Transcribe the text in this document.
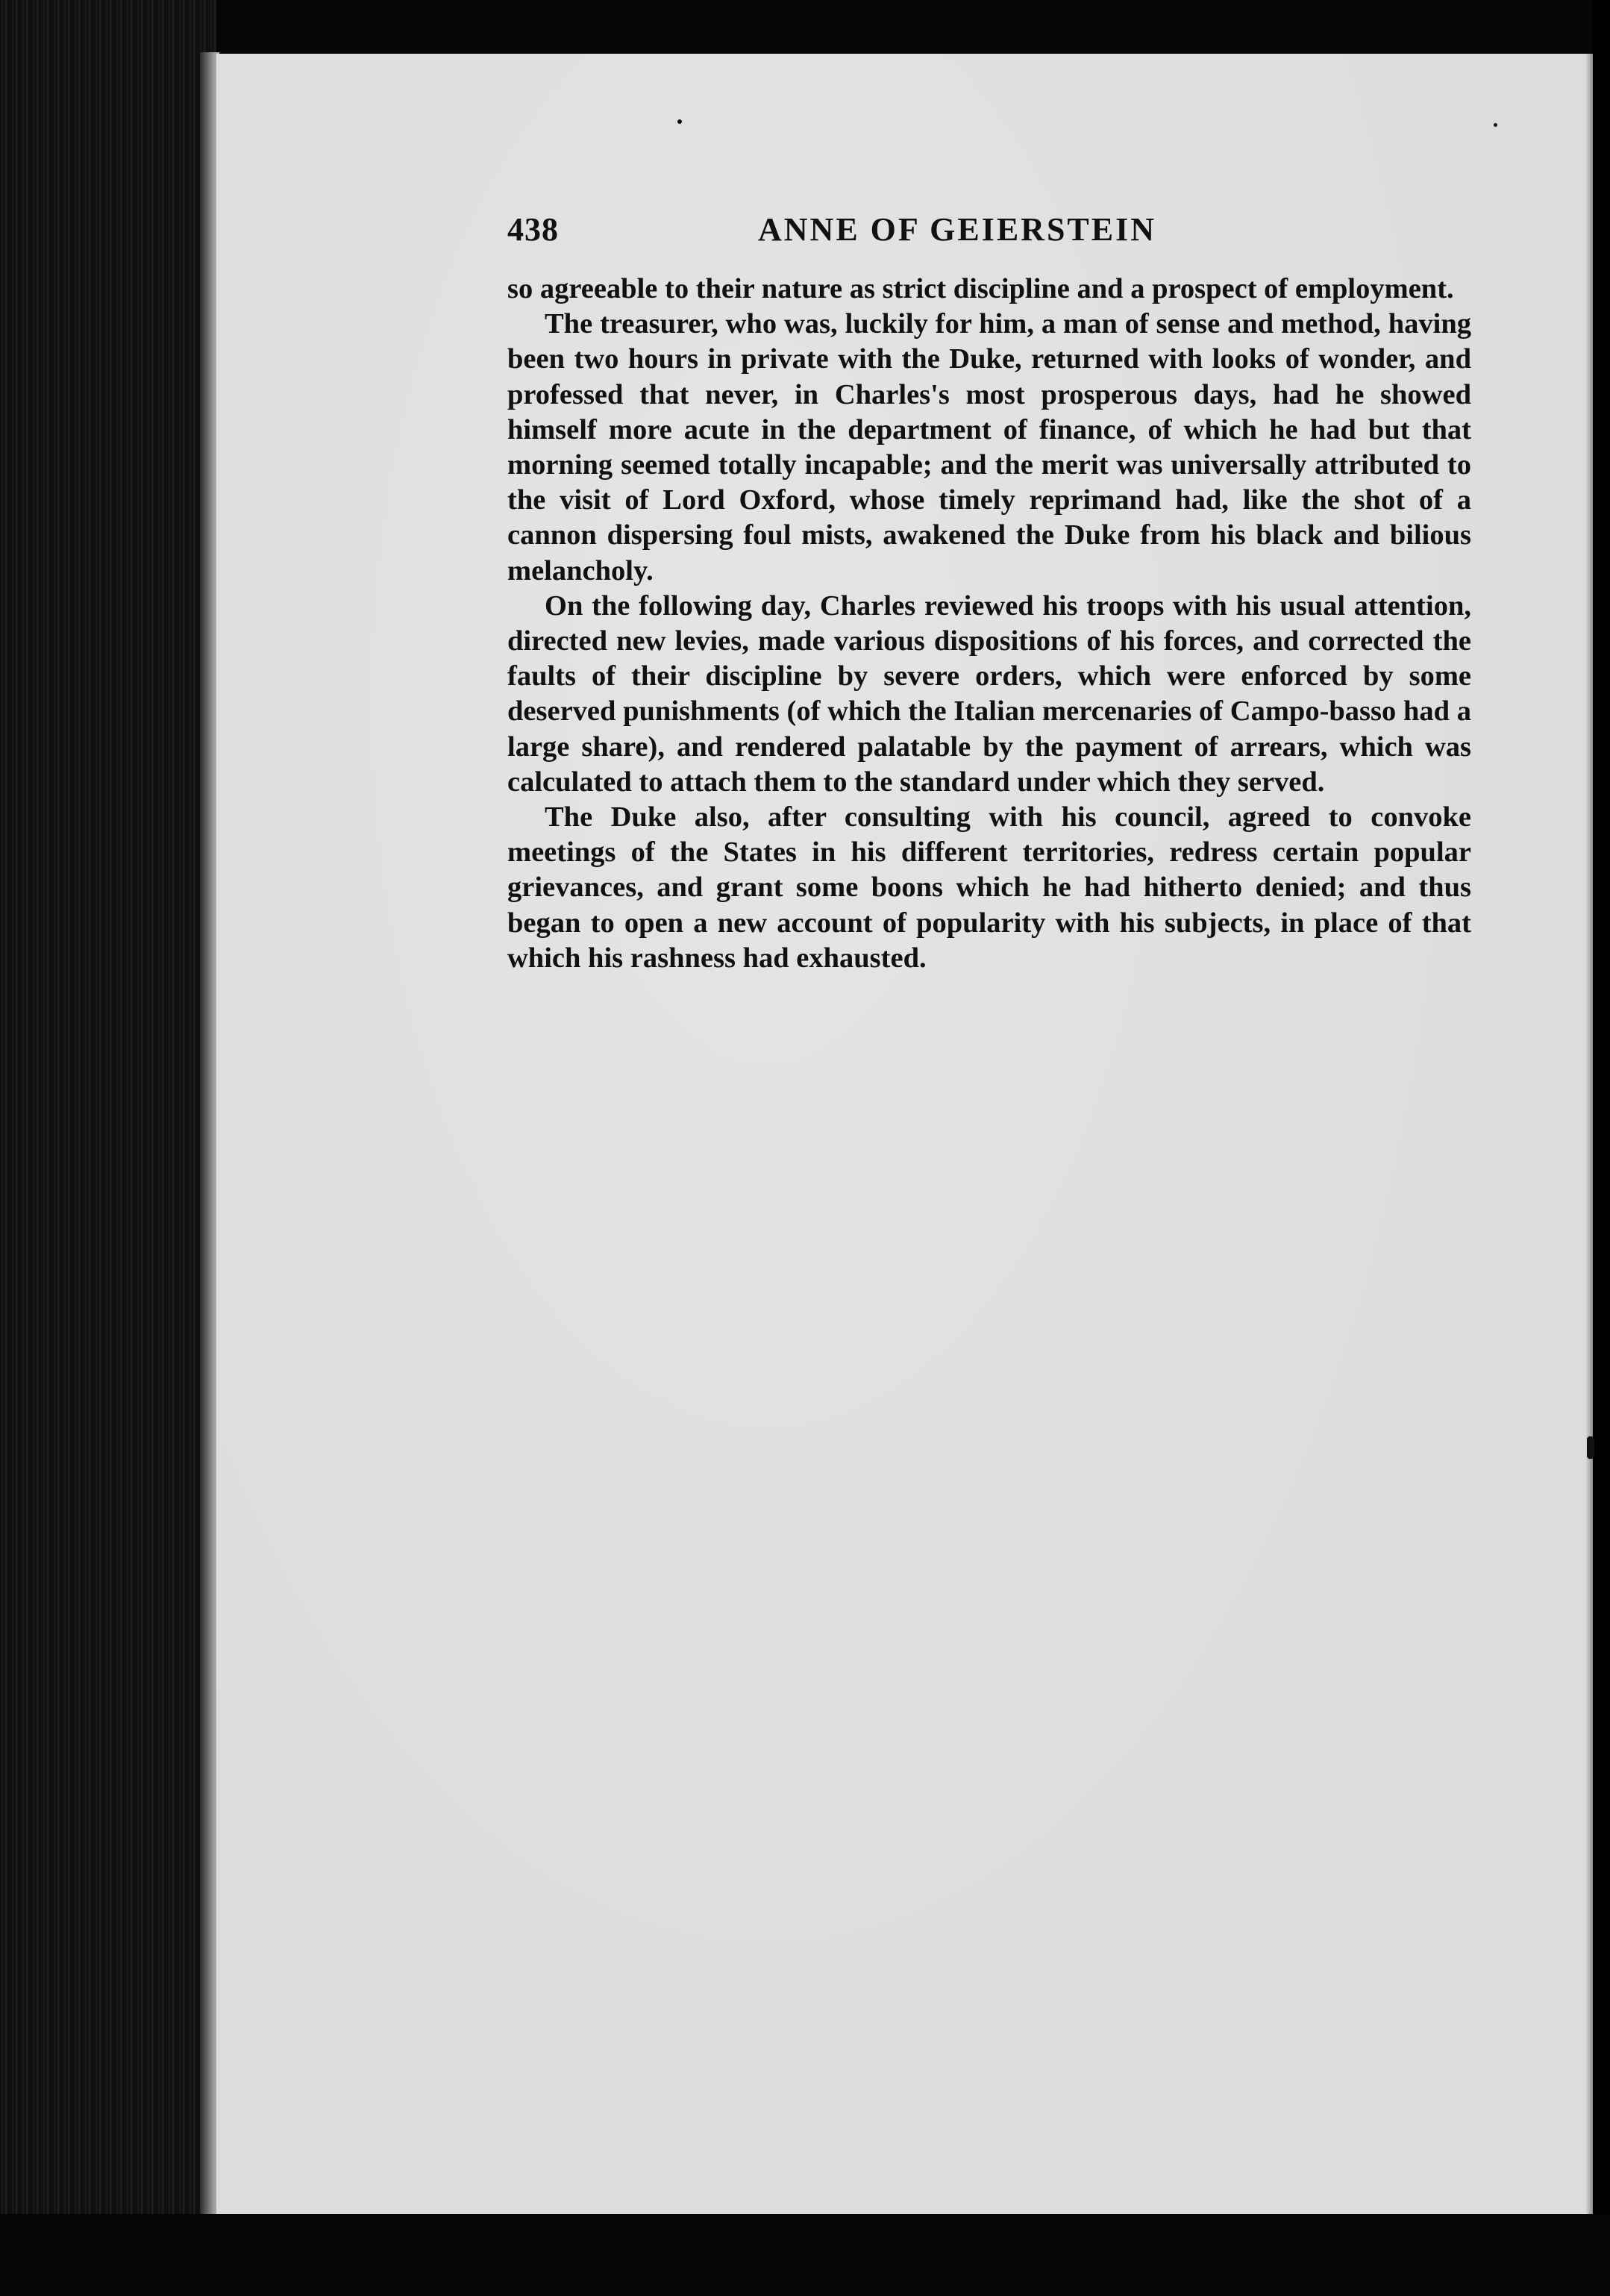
438	ANNE OF GEIERSTEIN

so agreeable to their nature as strict discipline and a prospect of employment.

The treasurer, who was, luckily for him, a man of sense and method, having been two hours in private with the Duke, returned with looks of wonder, and professed that never, in Charles's most prosperous days, had he showed himself more acute in the department of finance, of which he had but that morning seemed totally incapable; and the merit was universally attributed to the visit of Lord Oxford, whose timely reprimand had, like the shot of a cannon dispersing foul mists, awakened the Duke from his black and bilious melancholy.

On the following day, Charles reviewed his troops with his usual attention, directed new levies, made various dispositions of his forces, and corrected the faults of their discipline by severe orders, which were enforced by some deserved punishments (of which the Italian mercenaries of Campo-basso had a large share), and rendered palatable by the payment of arrears, which was calculated to attach them to the standard under which they served.

The Duke also, after consulting with his council, agreed to convoke meetings of the States in his different territories, redress certain popular grievances, and grant some boons which he had hitherto denied; and thus began to open a new account of popularity with his subjects, in place of that which his rashness had exhausted.
